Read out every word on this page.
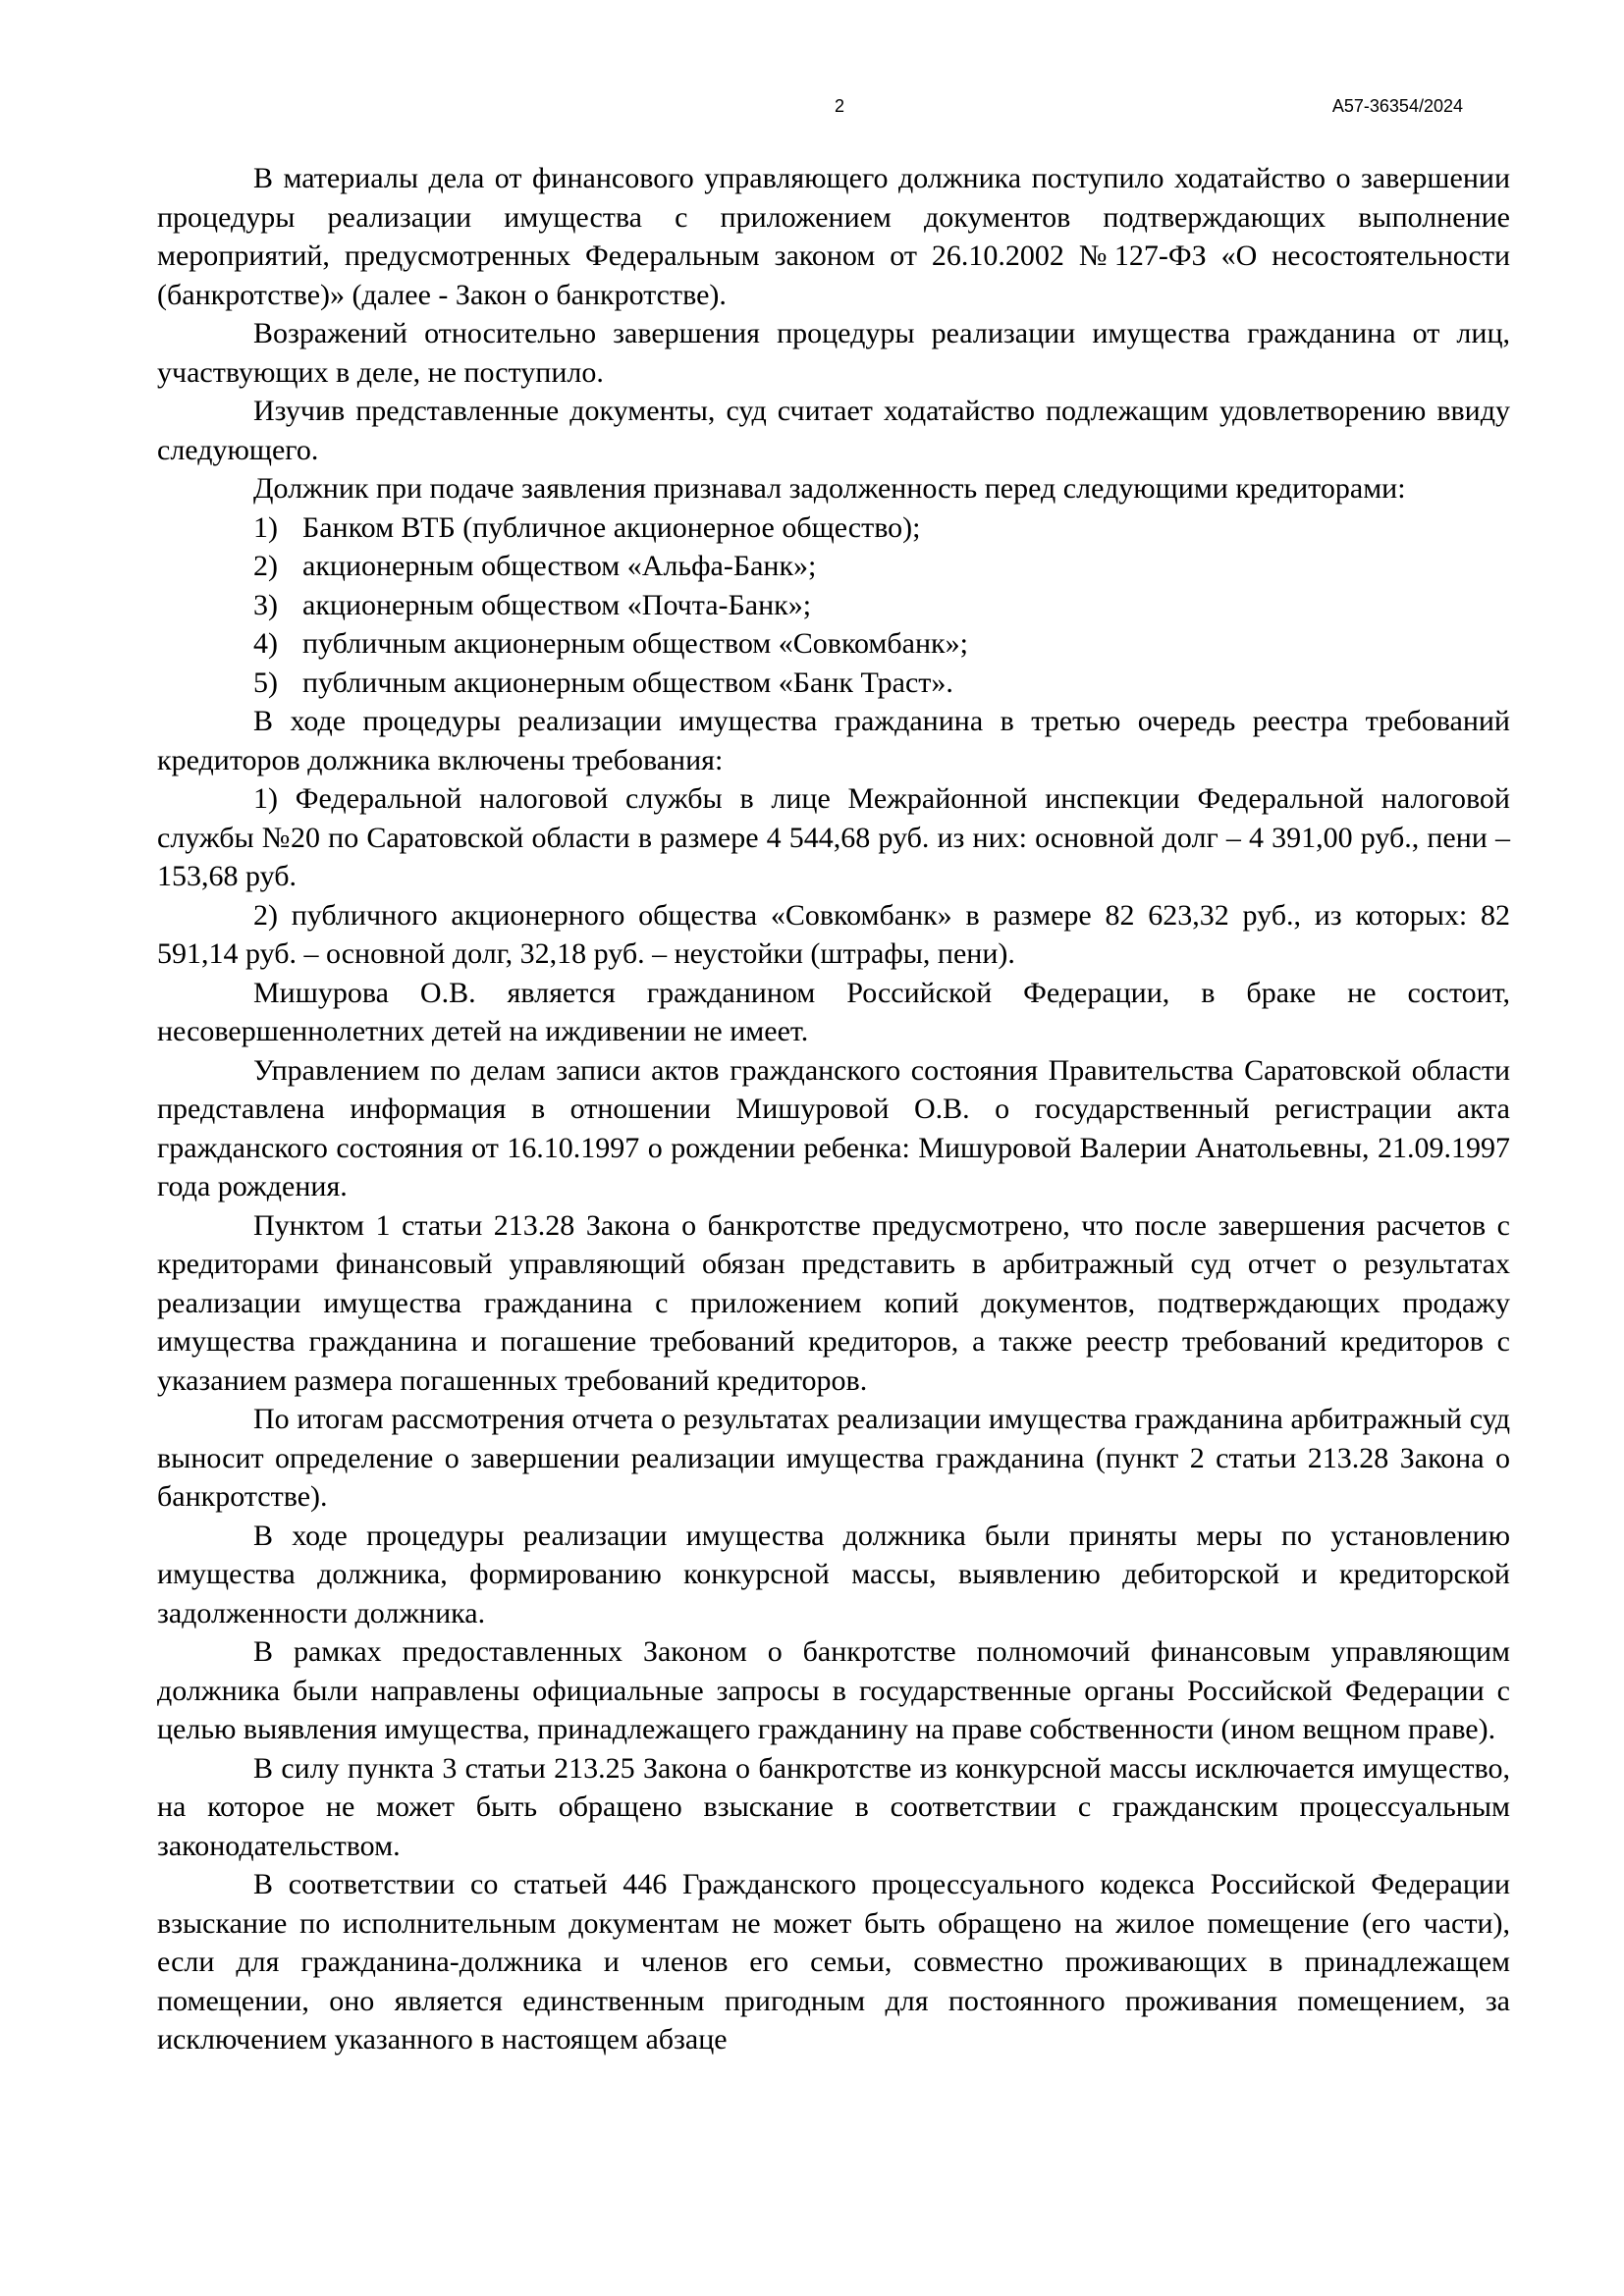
2	А57-36354/2024

В материалы дела от финансового управляющего должника поступило ходатайство о завершении процедуры реализации имущества с приложением документов подтверждающих выполнение мероприятий, предусмотренных Федеральным законом от 26.10.2002 №127-ФЗ «О несостоятельности (банкротстве)» (далее - Закон о банкротстве).

Возражений относительно завершения процедуры реализации имущества гражданина от лиц, участвующих в деле, не поступило.

Изучив представленные документы, суд считает ходатайство подлежащим удовлетворению ввиду следующего.

Должник при подаче заявления признавал задолженность перед следующими кредиторами:

1) Банком ВТБ (публичное акционерное общество);
2) акционерным обществом «Альфа-Банк»;
3) акционерным обществом «Почта-Банк»;
4) публичным акционерным обществом «Совкомбанк»;
5) публичным акционерным обществом «Банк Траст».

В ходе процедуры реализации имущества гражданина в третью очередь реестра требований кредиторов должника включены требования:

1) Федеральной налоговой службы в лице Межрайонной инспекции Федеральной налоговой службы №20 по Саратовской области в размере 4 544,68 руб. из них: основной долг – 4 391,00 руб., пени – 153,68 руб.

2) публичного акционерного общества «Совкомбанк» в размере 82 623,32 руб., из которых: 82 591,14 руб. – основной долг, 32,18 руб. – неустойки (штрафы, пени).

Мишурова О.В. является гражданином Российской Федерации, в браке не состоит, несовершеннолетних детей на иждивении не имеет.

Управлением по делам записи актов гражданского состояния Правительства Саратовской области представлена информация в отношении Мишуровой О.В. о государственный регистрации акта гражданского состояния от 16.10.1997 о рождении ребенка: Мишуровой Валерии Анатольевны, 21.09.1997 года рождения.

Пунктом 1 статьи 213.28 Закона о банкротстве предусмотрено, что после завершения расчетов с кредиторами финансовый управляющий обязан представить в арбитражный суд отчет о результатах реализации имущества гражданина с приложением копий документов, подтверждающих продажу имущества гражданина и погашение требований кредиторов, а также реестр требований кредиторов с указанием размера погашенных требований кредиторов.

По итогам рассмотрения отчета о результатах реализации имущества гражданина арбитражный суд выносит определение о завершении реализации имущества гражданина (пункт 2 статьи 213.28 Закона о банкротстве).

В ходе процедуры реализации имущества должника были приняты меры по установлению имущества должника, формированию конкурсной массы, выявлению дебиторской и кредиторской задолженности должника.

В рамках предоставленных Законом о банкротстве полномочий финансовым управляющим должника были направлены официальные запросы в государственные органы Российской Федерации с целью выявления имущества, принадлежащего гражданину на праве собственности (ином вещном праве).

В силу пункта 3 статьи 213.25 Закона о банкротстве из конкурсной массы исключается имущество, на которое не может быть обращено взыскание в соответствии с гражданским процессуальным законодательством.

В соответствии со статьей 446 Гражданского процессуального кодекса Российской Федерации взыскание по исполнительным документам не может быть обращено на жилое помещение (его части), если для гражданина-должника и членов его семьи, совместно проживающих в принадлежащем помещении, оно является единственным пригодным для постоянного проживания помещением, за исключением указанного в настоящем абзаце
